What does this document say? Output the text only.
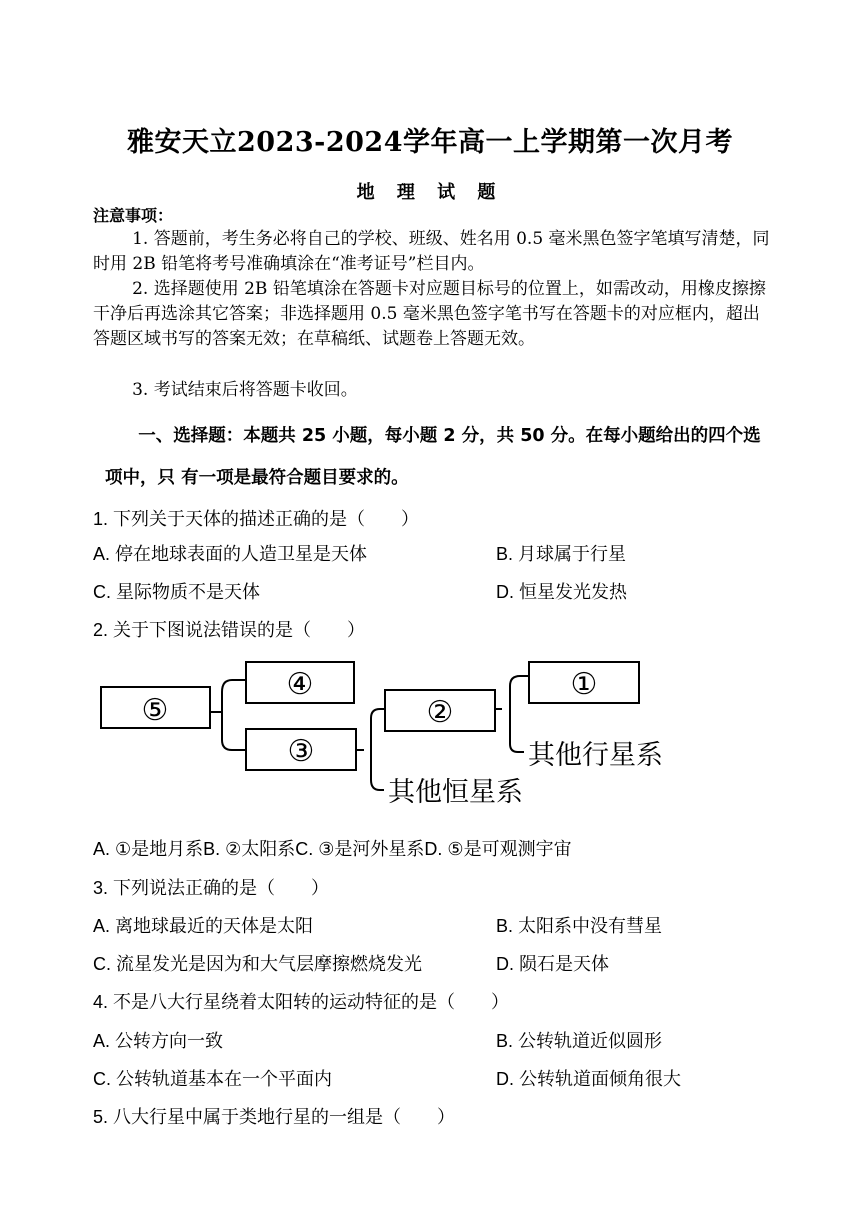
雅安天立2023-2024学年高一上学期第一次月考
地 理 试 题
注意事项：
1. 答题前，考生务必将自己的学校、班级、姓名用 0.5 毫米黑色签字笔填写清楚，同时用 2B 铅笔将考号准确填涂在“准考证号”栏目内。
2. 选择题使用 2B 铅笔填涂在答题卡对应题目标号的位置上，如需改动，用橡皮擦擦干净后再选涂其它答案；非选择题用 0.5 毫米黑色签字笔书写在答题卡的对应框内，超出答题区域书写的答案无效；在草稿纸、试题卷上答题无效。
3. 考试结束后将答题卡收回。
一、选择题：本题共 25 小题，每小题 2 分，共 50 分。在每小题给出的四个选项中，只 有一项是最符合题目要求的。
1. 下列关于天体的描述正确的是（　　）
A. 停在地球表面的人造卫星是天体	B. 月球属于行星
C. 星际物质不是天体	D. 恒星发光发热
2. 关于下图说法错误的是（　　）
⑤
④
③
②
①
其他恒星系
其他行星系
A. ①是地月系B. ②太阳系C. ③是河外星系D. ⑤是可观测宇宙
3. 下列说法正确的是（　　）
A. 离地球最近的天体是太阳	B. 太阳系中没有彗星
C. 流星发光是因为和大气层摩擦燃烧发光	D. 陨石是天体
4. 不是八大行星绕着太阳转的运动特征的是（　　）
A. 公转方向一致	B. 公转轨道近似圆形
C. 公转轨道基本在一个平面内	D. 公转轨道面倾角很大
5. 八大行星中属于类地行星的一组是（　　）
